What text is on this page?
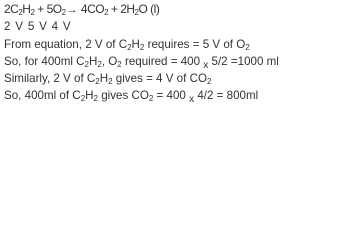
$2C_2H_2 + 5O_2\to 4CO_2 + 2H_2O$ (l)
2 V 5 V 4 V
From equation, 2 V of $C_2H_2$ requires = 5 V of $O_2$
So, for 400ml $C_2H_2$, $O_2$ required = 400 x 5/2 =1000 ml
Similarly, 2 V of $C_2H_2$ gives = 4 V of $CO_2$
So, 400ml of $C_2H_2$ gives $CO_2 = 400$ x 4/2 = 800ml
